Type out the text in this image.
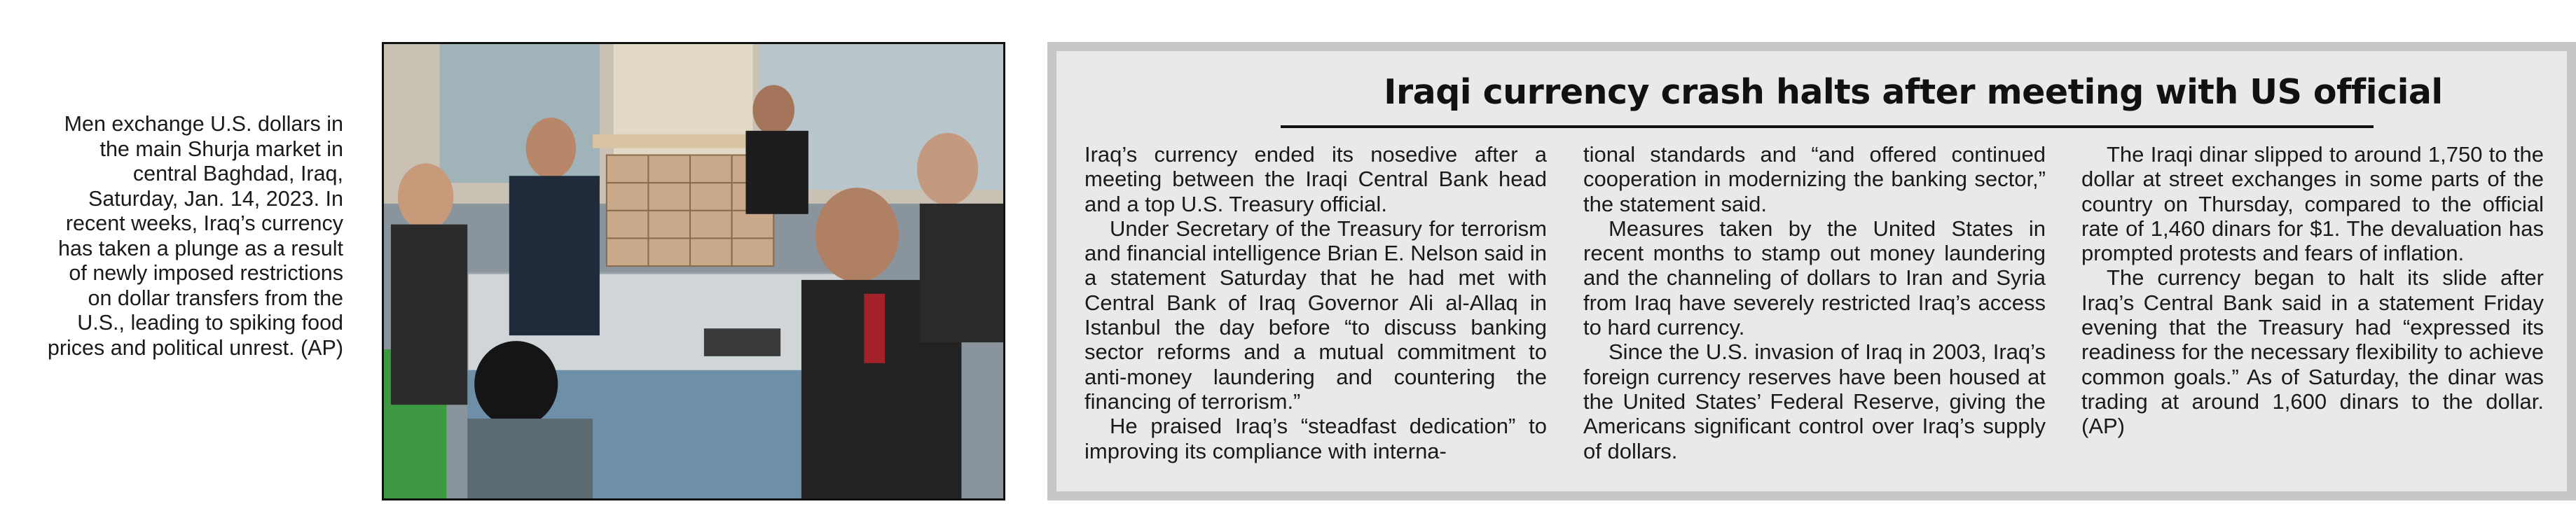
Men exchange U.S. dollars in the main Shurja market in central Baghdad, Iraq, Saturday, Jan. 14, 2023. In recent weeks, Iraq’s currency has taken a plunge as a result of newly imposed restrictions on dollar transfers from the U.S., leading to spiking food prices and political unrest. (AP)

Iraqi currency crash halts after meeting with US official

Iraq’s currency ended its nosedive after a meeting between the Iraqi Central Bank head and a top U.S. Treasury official.

Under Secretary of the Treasury for terrorism and financial intelligence Brian E. Nelson said in a statement Saturday that he had met with Central Bank of Iraq Governor Ali al-Allaq in Istanbul the day before “to discuss banking sector reforms and a mutual commitment to anti-money laundering and countering the financing of terrorism.”

He praised Iraq’s “steadfast dedication” to improving its compliance with interna-

tional standards and “and offered continued cooperation in modernizing the banking sector,” the statement said.

Measures taken by the United States in recent months to stamp out money laundering and the channeling of dollars to Iran and Syria from Iraq have severely restricted Iraq’s access to hard currency.

Since the U.S. invasion of Iraq in 2003, Iraq’s foreign currency reserves have been housed at the United States’ Federal Reserve, giving the Americans significant control over Iraq’s supply of dollars.

The Iraqi dinar slipped to around 1,750 to the dollar at street exchanges in some parts of the country on Thursday, compared to the official rate of 1,460 dinars for $1. The devaluation has prompted protests and fears of inflation.

The currency began to halt its slide after Iraq’s Central Bank said in a statement Friday evening that the Treasury had “expressed its readiness for the necessary flexibility to achieve common goals.” As of Saturday, the dinar was trading at around 1,600 dinars to the dollar. (AP)
